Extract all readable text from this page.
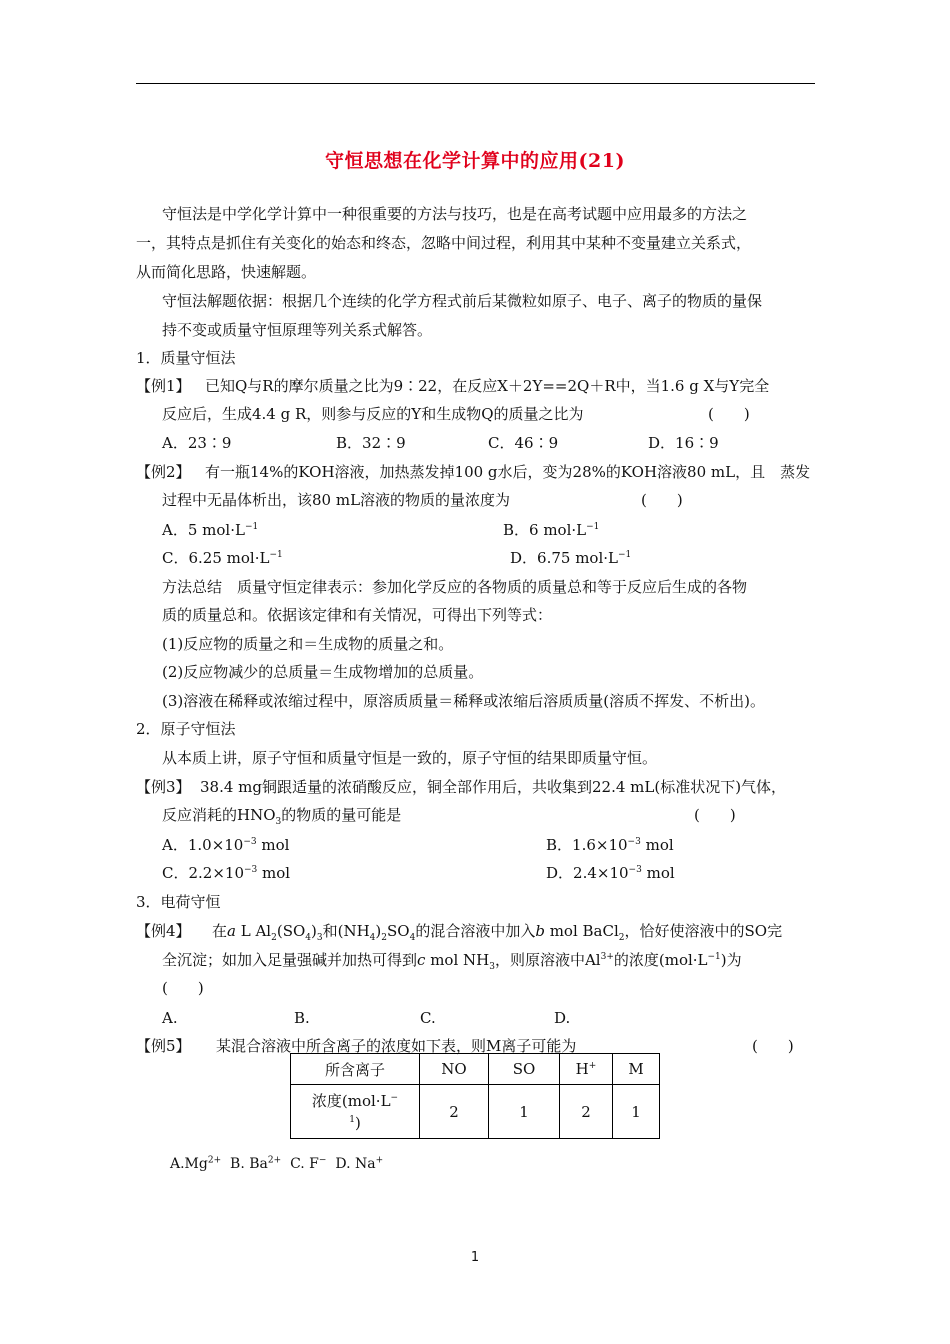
守恒思想在化学计算中的应用(21)
守恒法是中学化学计算中一种很重要的方法与技巧，也是在高考试题中应用最多的方法之
一，其特点是抓住有关变化的始态和终态，忽略中间过程，利用其中某种不变量建立关系式，
从而简化思路，快速解题。
守恒法解题依据：根据几个连续的化学方程式前后某微粒如原子、电子、离子的物质的量保
持不变或质量守恒原理等列关系式解答。
1．质量守恒法
【例1】 已知Q与R的摩尔质量之比为9∶22，在反应X＋2Y==2Q＋R中，当1.6 g X与Y完全
反应后，生成4.4 g R，则参与反应的Y和生成物Q的质量之比为	(　　)
A．23∶9	B．32∶9	C．46∶9	D．16∶9
【例2】 有一瓶14%的KOH溶液，加热蒸发掉100 g水后，变为28%的KOH溶液80 mL，且　蒸发
过程中无晶体析出，该80 mL溶液的物质的量浓度为	(　　)
A．5 $mol\cdot L^{-1}$	B．6 $mol\cdot L^{-1}$
C．6.25 $mol\cdot L^{-1}$	D．6.75 $mol\cdot L^{-1}$
方法总结　质量守恒定律表示：参加化学反应的各物质的质量总和等于反应后生成的各物
质的质量总和。依据该定律和有关情况，可得出下列等式：
(1)反应物的质量之和＝生成物的质量之和。
(2)反应物减少的总质量＝生成物增加的总质量。
(3)溶液在稀释或浓缩过程中，原溶质质量＝稀释或浓缩后溶质质量(溶质不挥发、不析出)。
2．原子守恒法
从本质上讲，原子守恒和质量守恒是一致的，原子守恒的结果即质量守恒。
【例3】 38.4 mg铜跟适量的浓硝酸反应，铜全部作用后，共收集到22.4 mL(标准状况下)气体，
反应消耗的$HNO_3$的物质的量可能是	(　　)
A．$1.0\times 10^{-3}$ mol	B．$1.6\times 10^{-3}$ mol
C．$2.2\times 10^{-3}$ mol	D．$2.4\times 10^{-3}$ mol
3．电荷守恒
【例4】 在a L $Al_2(SO_4)_3$和$(NH_4)_2SO_4$的混合溶液中加入b mol BaCl$_2$，恰好使溶液中的SO完
全沉淀；如加入足量强碱并加热可得到c mol $NH_3$，则原溶液中$Al^{3+}$的浓度$(mol\cdot L^{-1})$为
(　　)
A.	B.	C.	D.
【例5】 某混合溶液中所含离子的浓度如下表，则M离子可能为	(　　)
所含离子	NO	SO	H+	M
浓度(mol·L−
$^1$)	2	1	2	1
$A.Mg^{2+}$ B. $Ba^{2+}$ C. F− D. Na+
1
